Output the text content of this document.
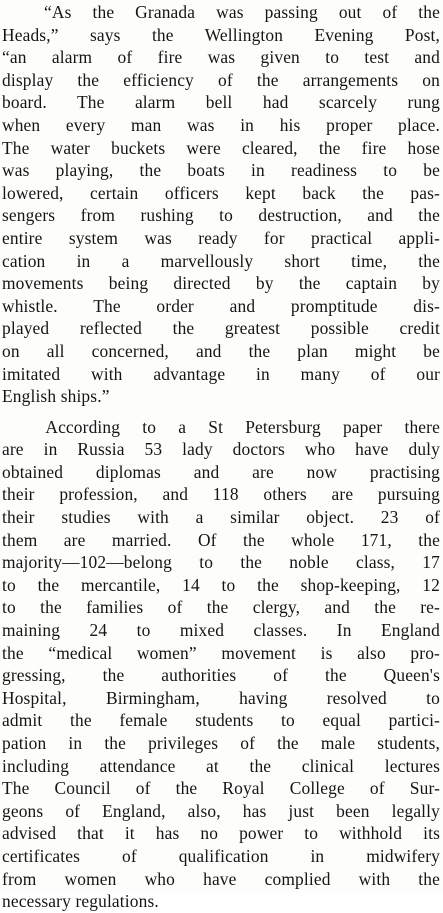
“As the Granada was passing out of the
Heads,” says the Wellington Evening Post,
“an alarm of fire was given to test and
display the efficiency of the arrangements on
board. The alarm bell had scarcely rung
when every man was in his proper place.
The water buckets were cleared, the fire hose
was playing, the boats in readiness to be
lowered, certain officers kept back the pas-
sengers from rushing to destruction, and the
entire system was ready for practical appli-
cation in a marvellously short time, the
movements being directed by the captain by
whistle. The order and promptitude dis-
played reflected the greatest possible credit
on all concerned, and the plan might be
imitated with advantage in many of our
English ships.”
According to a St Petersburg paper there
are in Russia 53 lady doctors who have duly
obtained diplomas and are now practising
their profession, and 118 others are pursuing
their studies with a similar object. 23 of
them are married. Of the whole 171, the
majority—102—belong to the noble class, 17
to the mercantile, 14 to the shop-keeping, 12
to the families of the clergy, and the re-
maining 24 to mixed classes. In England
the “medical women” movement is also pro-
gressing, the authorities of the Queen's
Hospital, Birmingham, having resolved to
admit the female students to equal partici-
pation in the privileges of the male students,
including attendance at the clinical lectures
The Council of the Royal College of Sur-
geons of England, also, has just been legally
advised that it has no power to withhold its
certificates of qualification in midwifery
from women who have complied with the
necessary regulations.
